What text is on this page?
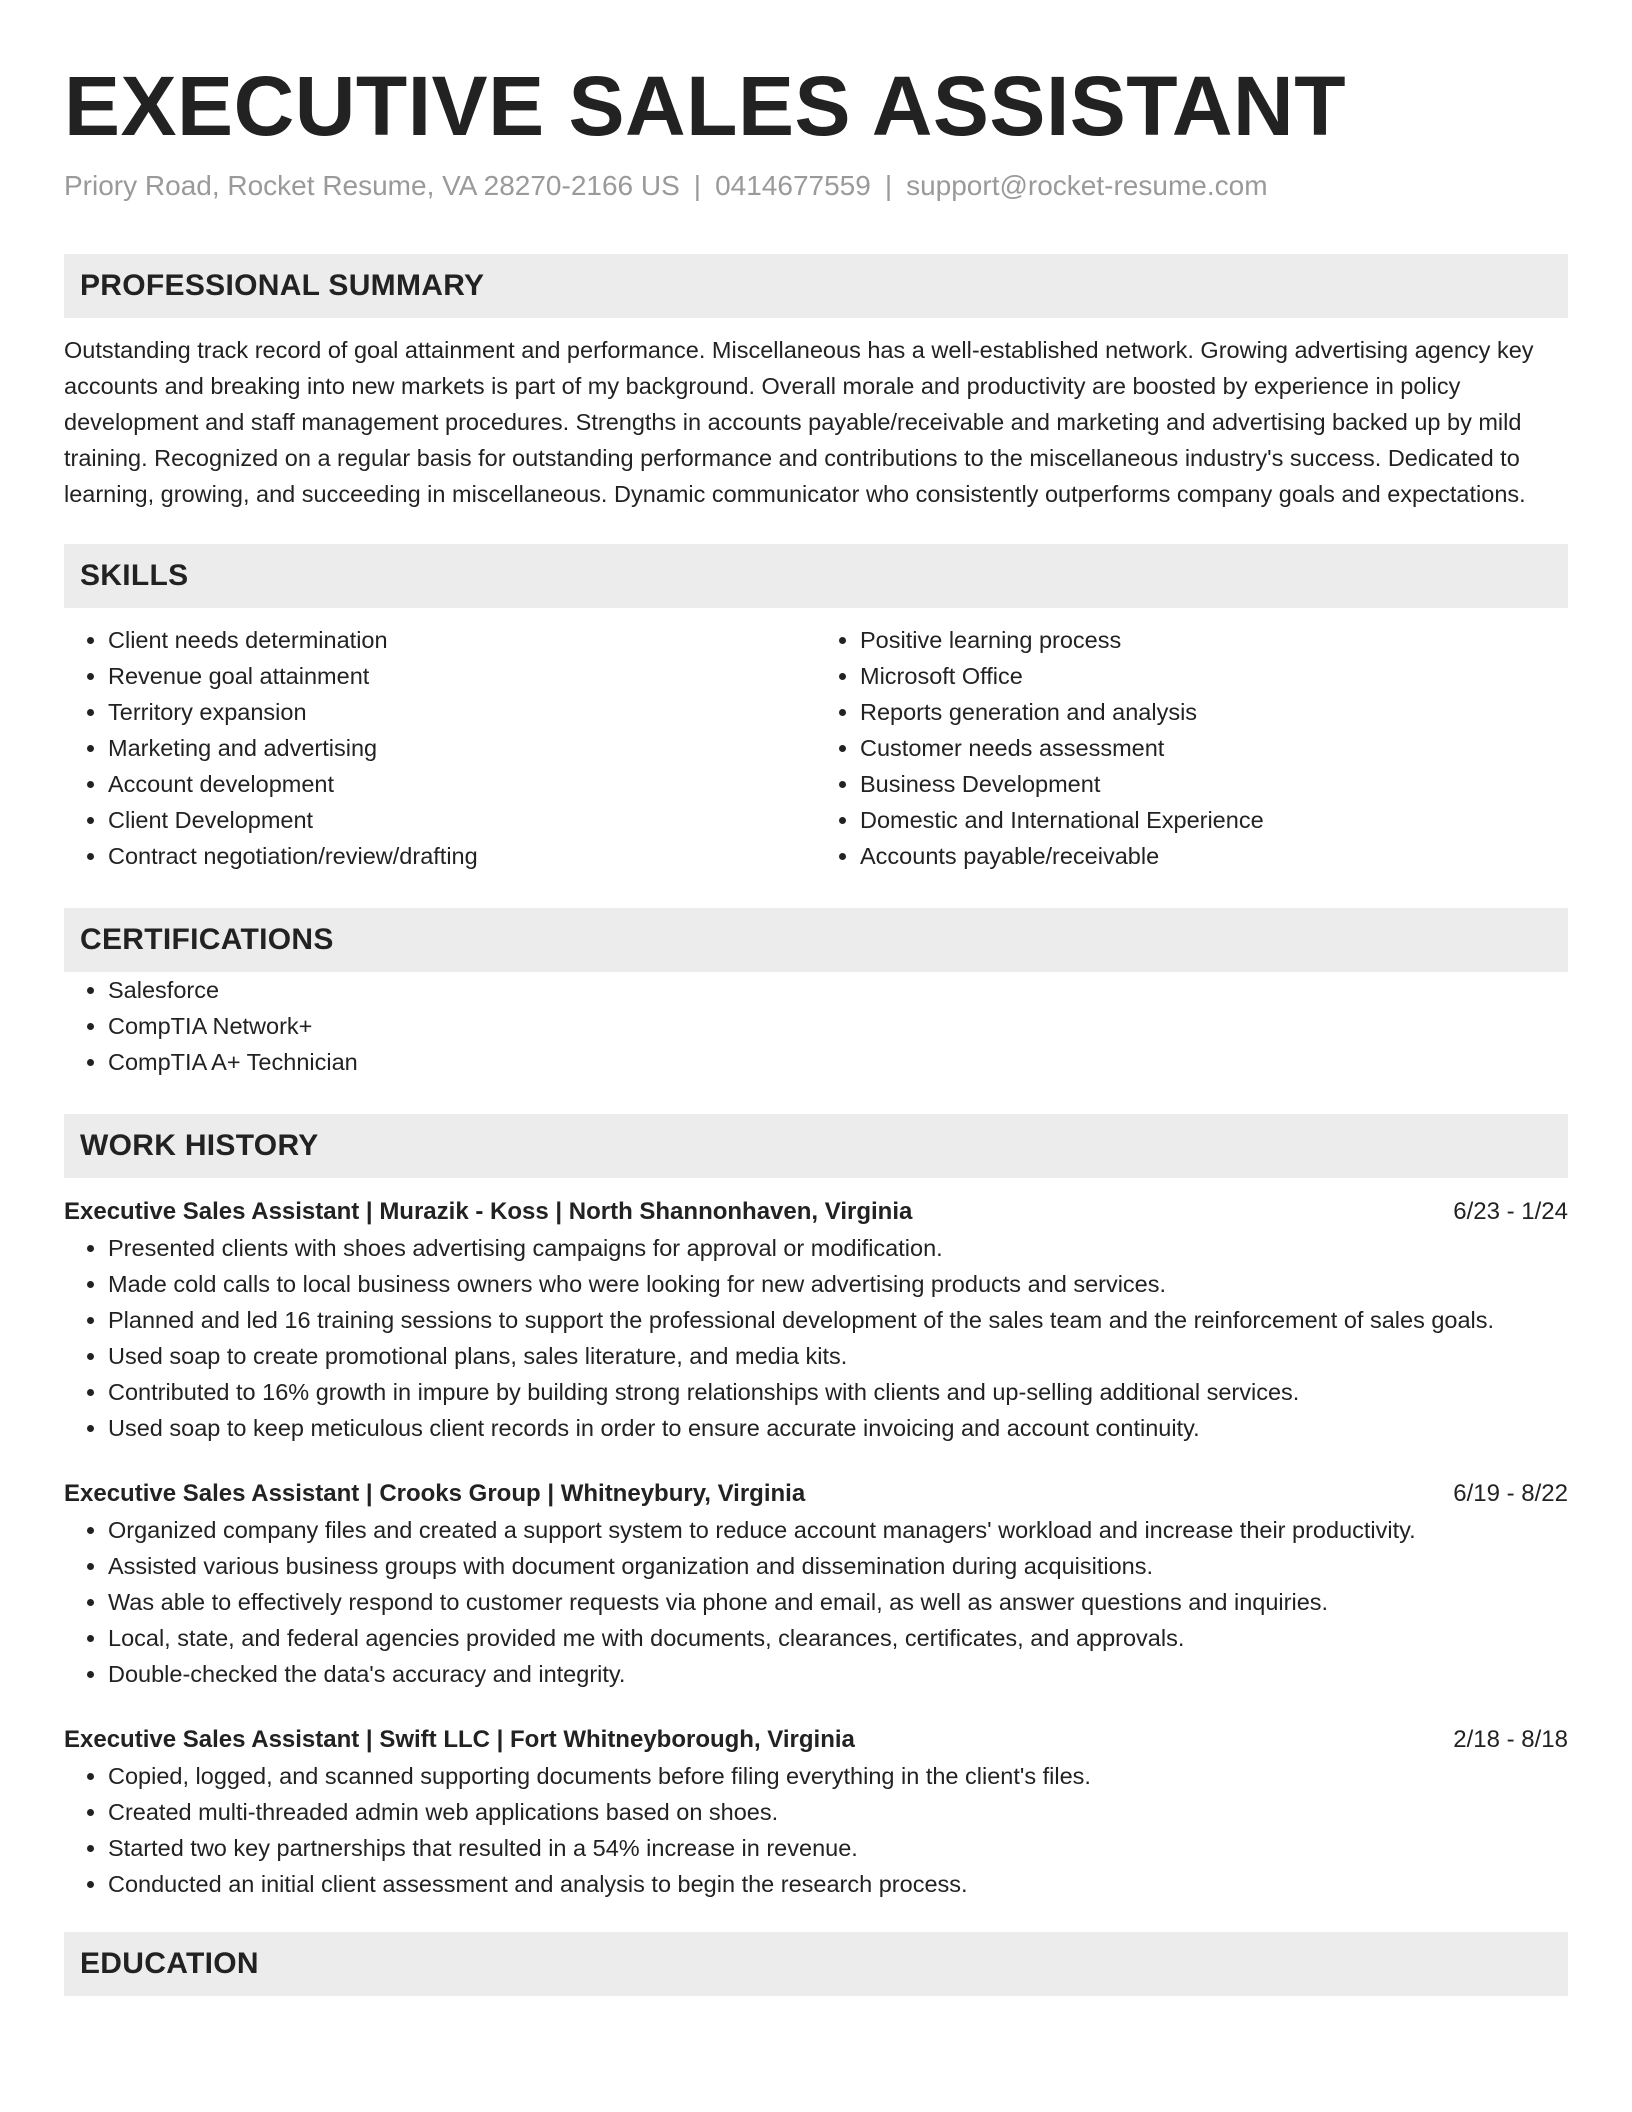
EXECUTIVE SALES ASSISTANT
Priory Road, Rocket Resume, VA 28270-2166 US | 0414677559 | support@rocket-resume.com
PROFESSIONAL SUMMARY
Outstanding track record of goal attainment and performance. Miscellaneous has a well-established network. Growing advertising agency key accounts and breaking into new markets is part of my background. Overall morale and productivity are boosted by experience in policy development and staff management procedures. Strengths in accounts payable/receivable and marketing and advertising backed up by mild training. Recognized on a regular basis for outstanding performance and contributions to the miscellaneous industry's success. Dedicated to learning, growing, and succeeding in miscellaneous. Dynamic communicator who consistently outperforms company goals and expectations.
SKILLS
• Client needs determination
• Revenue goal attainment
• Territory expansion
• Marketing and advertising
• Account development
• Client Development
• Contract negotiation/review/drafting
• Positive learning process
• Microsoft Office
• Reports generation and analysis
• Customer needs assessment
• Business Development
• Domestic and International Experience
• Accounts payable/receivable
CERTIFICATIONS
• Salesforce
• CompTIA Network+
• CompTIA A+ Technician
WORK HISTORY
Executive Sales Assistant | Murazik - Koss | North Shannonhaven, Virginia	6/23 - 1/24
• Presented clients with shoes advertising campaigns for approval or modification.
• Made cold calls to local business owners who were looking for new advertising products and services.
• Planned and led 16 training sessions to support the professional development of the sales team and the reinforcement of sales goals.
• Used soap to create promotional plans, sales literature, and media kits.
• Contributed to 16% growth in impure by building strong relationships with clients and up-selling additional services.
• Used soap to keep meticulous client records in order to ensure accurate invoicing and account continuity.
Executive Sales Assistant | Crooks Group | Whitneybury, Virginia	6/19 - 8/22
• Organized company files and created a support system to reduce account managers' workload and increase their productivity.
• Assisted various business groups with document organization and dissemination during acquisitions.
• Was able to effectively respond to customer requests via phone and email, as well as answer questions and inquiries.
• Local, state, and federal agencies provided me with documents, clearances, certificates, and approvals.
• Double-checked the data's accuracy and integrity.
Executive Sales Assistant | Swift LLC | Fort Whitneyborough, Virginia	2/18 - 8/18
• Copied, logged, and scanned supporting documents before filing everything in the client's files.
• Created multi-threaded admin web applications based on shoes.
• Started two key partnerships that resulted in a 54% increase in revenue.
• Conducted an initial client assessment and analysis to begin the research process.
EDUCATION
